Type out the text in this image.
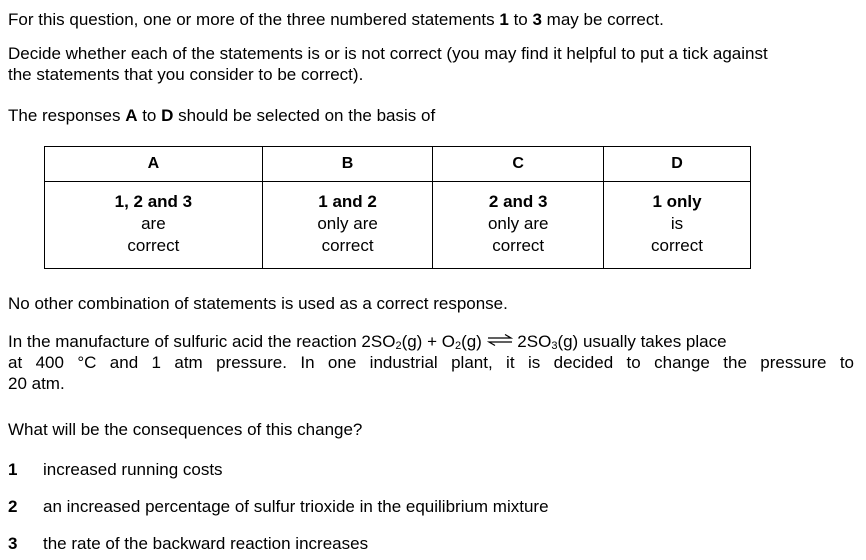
For this question, one or more of the three numbered statements 1 to 3 may be correct.
Decide whether each of the statements is or is not correct (you may find it helpful to put a tick against
the statements that you consider to be correct).
The responses A to D should be selected on the basis of
A	B	C	D

1, 2 and 3
are
correct	1 and 2
only are
correct	2 and 3
only are
correct	1 only
is
correct
No other combination of statements is used as a correct response.
In the manufacture of sulfuric acid the reaction $2SO_2(g) + O_2(g)$ ⇌ $2SO_3(g)$ usually takes place
at 400 °C and 1 atm pressure. In one industrial plant, it is decided to change the pressure to
20 atm.
What will be the consequences of this change?
1 increased running costs
2 an increased percentage of sulfur trioxide in the equilibrium mixture
3 the rate of the backward reaction increases
